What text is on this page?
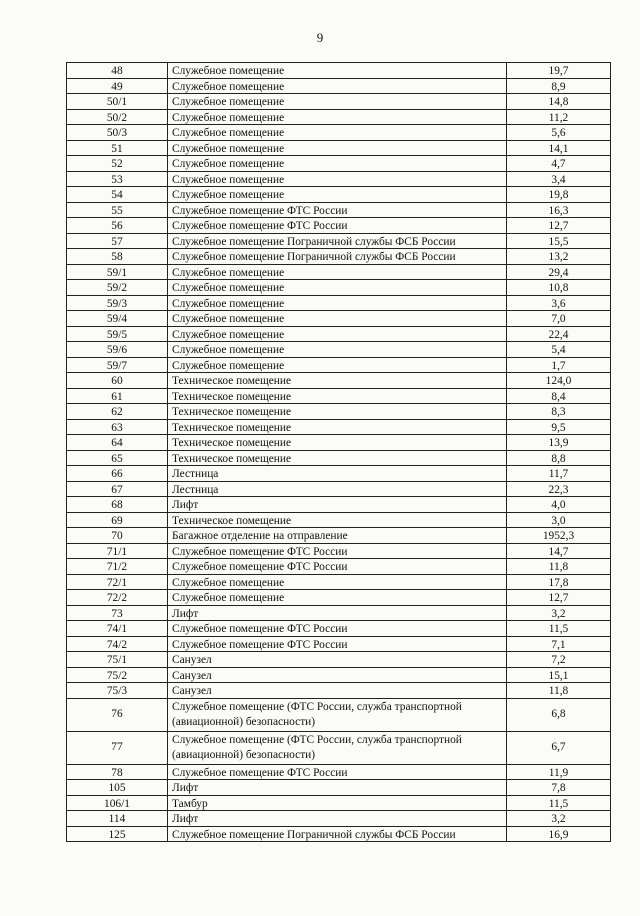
9
48	Служебное помещение	19,7
49	Служебное помещение	8,9
50/1	Служебное помещение	14,8
50/2	Служебное помещение	11,2
50/3	Служебное помещение	5,6
51	Служебное помещение	14,1
52	Служебное помещение	4,7
53	Служебное помещение	3,4
54	Служебное помещение	19,8
55	Служебное помещение ФТС России	16,3
56	Служебное помещение ФТС России	12,7
57	Служебное помещение Пограничной службы ФСБ России	15,5
58	Служебное помещение Пограничной службы ФСБ России	13,2
59/1	Служебное помещение	29,4
59/2	Служебное помещение	10,8
59/3	Служебное помещение	3,6
59/4	Служебное помещение	7,0
59/5	Служебное помещение	22,4
59/6	Служебное помещение	5,4
59/7	Служебное помещение	1,7
60	Техническое помещение	124,0
61	Техническое помещение	8,4
62	Техническое помещение	8,3
63	Техническое помещение	9,5
64	Техническое помещение	13,9
65	Техническое помещение	8,8
66	Лестница	11,7
67	Лестница	22,3
68	Лифт	4,0
69	Техническое помещение	3,0
70	Багажное отделение на отправление	1952,3
71/1	Служебное помещение ФТС России	14,7
71/2	Служебное помещение ФТС России	11,8
72/1	Служебное помещение	17,8
72/2	Служебное помещение	12,7
73	Лифт	3,2
74/1	Служебное помещение ФТС России	11,5
74/2	Служебное помещение ФТС России	7,1
75/1	Санузел	7,2
75/2	Санузел	15,1
75/3	Санузел	11,8
76	Служебное помещение (ФТС России, служба транспортной (авиационной) безопасности)	6,8
77	Служебное помещение (ФТС России, служба транспортной (авиационной) безопасности)	6,7
78	Служебное помещение ФТС России	11,9
105	Лифт	7,8
106/1	Тамбур	11,5
114	Лифт	3,2
125	Служебное помещение Пограничной службы ФСБ России	16,9
